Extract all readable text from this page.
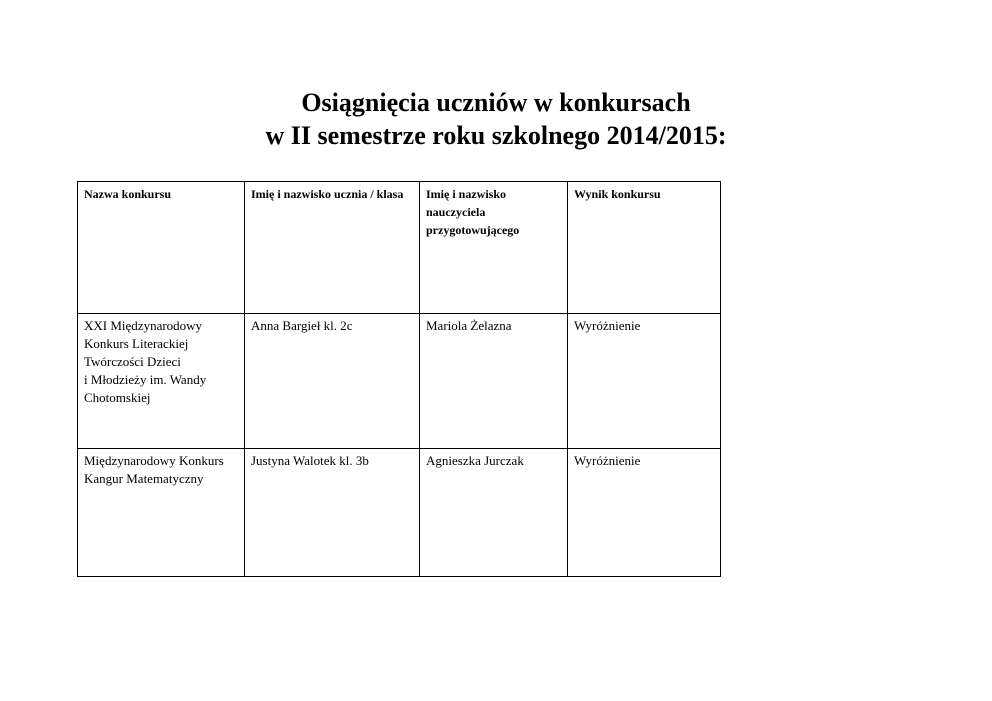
Osiągnięcia uczniów w konkursach
w II semestrze roku szkolnego 2014/2015:
Nazwa konkursu	Imię i nazwisko ucznia / klasa	Imię i nazwisko nauczyciela przygotowującego	Wynik konkursu
XXI Międzynarodowy
Konkurs Literackiej
Twórczości Dzieci
i Młodzieży im. Wandy
Chotomskiej	Anna Bargieł kl. 2c	Mariola Żelazna	Wyróżnienie
Międzynarodowy Konkurs
Kangur Matematyczny	Justyna Walotek kl. 3b	Agnieszka Jurczak	Wyróżnienie
